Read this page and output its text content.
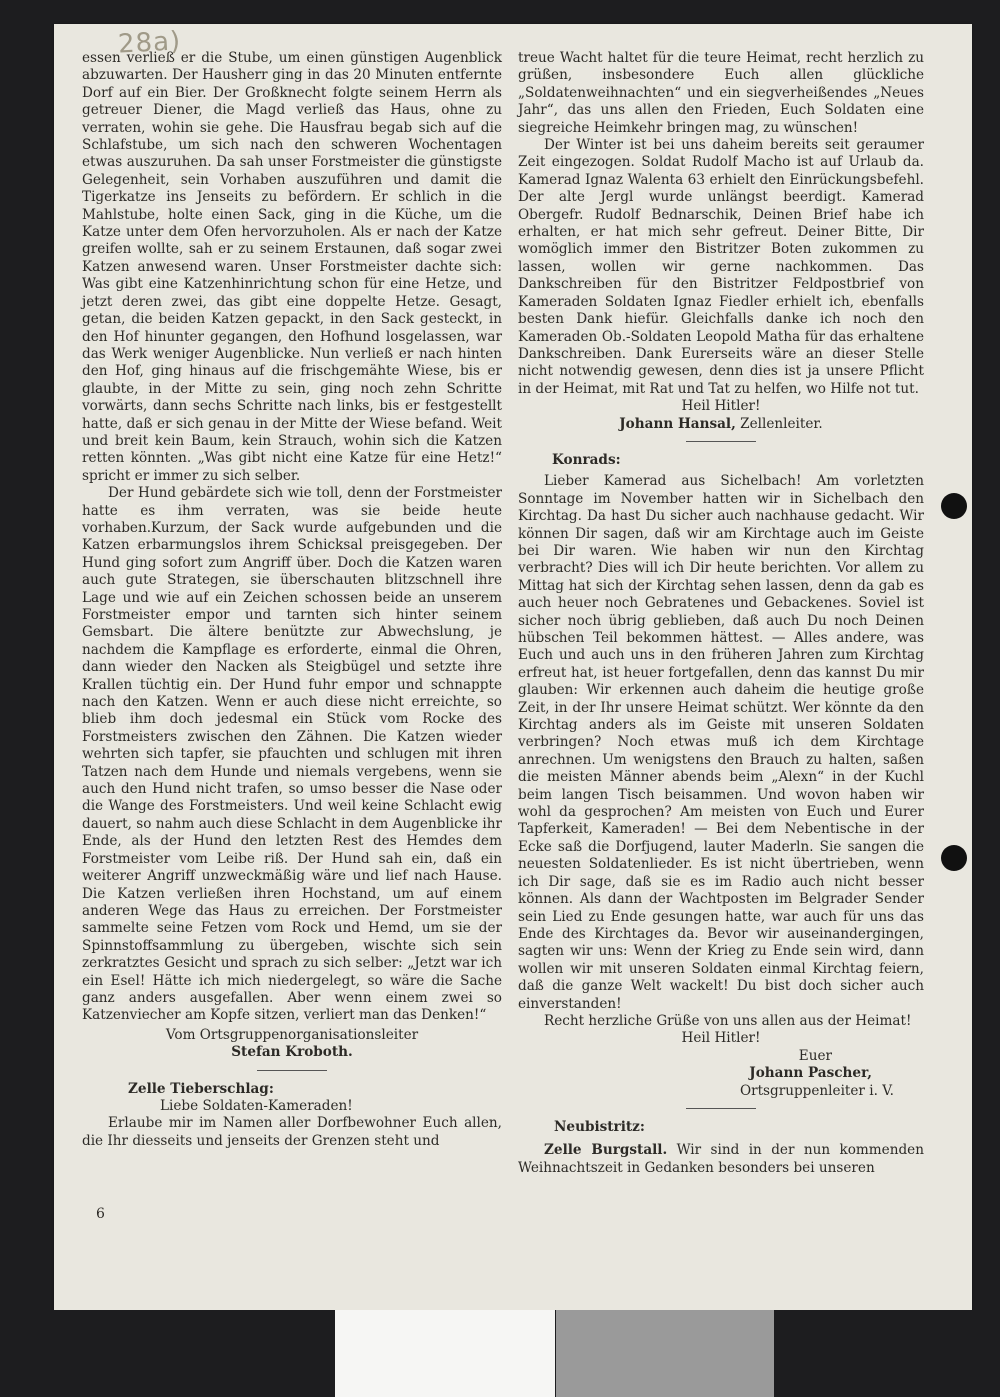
28a)

essen verließ er die Stube, um einen günstigen Augenblick abzuwarten. Der Hausherr ging in das 20 Minuten entfernte Dorf auf ein Bier. Der Großknecht folgte seinem Herrn als getreuer Diener, die Magd verließ das Haus, ohne zu verraten, wohin sie gehe. Die Hausfrau begab sich auf die Schlafstube, um sich nach den schweren Wochentagen etwas auszuruhen. Da sah unser Forstmeister die günstigste Gelegenheit, sein Vorhaben auszuführen und damit die Tigerkatze ins Jenseits zu befördern. Er schlich in die Mahlstube, holte einen Sack, ging in die Küche, um die Katze unter dem Ofen hervorzuholen. Als er nach der Katze greifen wollte, sah er zu seinem Erstaunen, daß sogar zwei Katzen anwesend waren. Unser Forstmeister dachte sich: Was gibt eine Katzenhinrichtung schon für eine Hetze, und jetzt deren zwei, das gibt eine doppelte Hetze. Gesagt, getan, die beiden Katzen gepackt, in den Sack gesteckt, in den Hof hinunter gegangen, den Hofhund losgelassen, war das Werk weniger Augenblicke. Nun verließ er nach hinten den Hof, ging hinaus auf die frischgemähte Wiese, bis er glaubte, in der Mitte zu sein, ging noch zehn Schritte vorwärts, dann sechs Schritte nach links, bis er festgestellt hatte, daß er sich genau in der Mitte der Wiese befand. Weit und breit kein Baum, kein Strauch, wohin sich die Katzen retten könnten. „Was gibt nicht eine Katze für eine Hetz!“ spricht er immer zu sich selber.

Der Hund gebärdete sich wie toll, denn der Forstmeister hatte es ihm verraten, was sie beide heute vorhaben.Kurzum, der Sack wurde aufgebunden und die Katzen erbarmungslos ihrem Schicksal preisgegeben. Der Hund ging sofort zum Angriff über. Doch die Katzen waren auch gute Strategen, sie überschauten blitzschnell ihre Lage und wie auf ein Zeichen schossen beide an unserem Forstmeister empor und tarnten sich hinter seinem Gemsbart. Die ältere benützte zur Abwechslung, je nachdem die Kampflage es erforderte, einmal die Ohren, dann wieder den Nacken als Steigbügel und setzte ihre Krallen tüchtig ein. Der Hund fuhr empor und schnappte nach den Katzen. Wenn er auch diese nicht erreichte, so blieb ihm doch jedesmal ein Stück vom Rocke des Forstmeisters zwischen den Zähnen. Die Katzen wieder wehrten sich tapfer, sie pfauchten und schlugen mit ihren Tatzen nach dem Hunde und niemals vergebens, wenn sie auch den Hund nicht trafen, so umso besser die Nase oder die Wange des Forstmeisters. Und weil keine Schlacht ewig dauert, so nahm auch diese Schlacht in dem Augenblicke ihr Ende, als der Hund den letzten Rest des Hemdes dem Forstmeister vom Leibe riß. Der Hund sah ein, daß ein weiterer Angriff unzweckmäßig wäre und lief nach Hause. Die Katzen verließen ihren Hochstand, um auf einem anderen Wege das Haus zu erreichen. Der Forstmeister sammelte seine Fetzen vom Rock und Hemd, um sie der Spinnstoffsammlung zu übergeben, wischte sich sein zerkratztes Gesicht und sprach zu sich selber: „Jetzt war ich ein Esel! Hätte ich mich niedergelegt, so wäre die Sache ganz anders ausgefallen. Aber wenn einem zwei so Katzenviecher am Kopfe sitzen, verliert man das Denken!“

Vom Ortsgruppenorganisationsleiter

Stefan Kroboth.

Zelle Tieberschlag:

Liebe Soldaten-Kameraden!

Erlaube mir im Namen aller Dorfbewohner Euch allen, die Ihr diesseits und jenseits der Grenzen steht und

treue Wacht haltet für die teure Heimat, recht herzlich zu grüßen, insbesondere Euch allen glückliche „Soldatenweihnachten“ und ein siegverheißendes „Neues Jahr“, das uns allen den Frieden, Euch Soldaten eine siegreiche Heimkehr bringen mag, zu wünschen!

Der Winter ist bei uns daheim bereits seit geraumer Zeit eingezogen. Soldat Rudolf Macho ist auf Urlaub da. Kamerad Ignaz Walenta 63 erhielt den Einrückungsbefehl. Der alte Jergl wurde unlängst beerdigt. Kamerad Obergefr. Rudolf Bednarschik, Deinen Brief habe ich erhalten, er hat mich sehr gefreut. Deiner Bitte, Dir womöglich immer den Bistritzer Boten zukommen zu lassen, wollen wir gerne nachkommen. Das Dankschreiben für den Bistritzer Feldpostbrief von Kameraden Soldaten Ignaz Fiedler erhielt ich, ebenfalls besten Dank hiefür. Gleichfalls danke ich noch den Kameraden Ob.-Soldaten Leopold Matha für das erhaltene Dankschreiben. Dank Eurerseits wäre an dieser Stelle nicht notwendig gewesen, denn dies ist ja unsere Pflicht in der Heimat, mit Rat und Tat zu helfen, wo Hilfe not tut.

Heil Hitler!

Johann Hansal, Zellenleiter.

Konrads:

Lieber Kamerad aus Sichelbach! Am vorletzten Sonntage im November hatten wir in Sichelbach den Kirchtag. Da hast Du sicher auch nachhause gedacht. Wir können Dir sagen, daß wir am Kirchtage auch im Geiste bei Dir waren. Wie haben wir nun den Kirchtag verbracht? Dies will ich Dir heute berichten. Vor allem zu Mittag hat sich der Kirchtag sehen lassen, denn da gab es auch heuer noch Gebratenes und Gebackenes. Soviel ist sicher noch übrig geblieben, daß auch Du noch Deinen hübschen Teil bekommen hättest. — Alles andere, was Euch und auch uns in den früheren Jahren zum Kirchtag erfreut hat, ist heuer fortgefallen, denn das kannst Du mir glauben: Wir erkennen auch daheim die heutige große Zeit, in der Ihr unsere Heimat schützt. Wer könnte da den Kirchtag anders als im Geiste mit unseren Soldaten verbringen? Noch etwas muß ich dem Kirchtage anrechnen. Um wenigstens den Brauch zu halten, saßen die meisten Männer abends beim „Alexn“ in der Kuchl beim langen Tisch beisammen. Und wovon haben wir wohl da gesprochen? Am meisten von Euch und Eurer Tapferkeit, Kameraden! — Bei dem Nebentische in der Ecke saß die Dorfjugend, lauter Maderln. Sie sangen die neuesten Soldatenlieder. Es ist nicht übertrieben, wenn ich Dir sage, daß sie es im Radio auch nicht besser können. Als dann der Wachtposten im Belgrader Sender sein Lied zu Ende gesungen hatte, war auch für uns das Ende des Kirchtages da. Bevor wir auseinandergingen, sagten wir uns: Wenn der Krieg zu Ende sein wird, dann wollen wir mit unseren Soldaten einmal Kirchtag feiern, daß die ganze Welt wackelt! Du bist doch sicher auch einverstanden!

Recht herzliche Grüße von uns allen aus der Heimat!

Heil Hitler!

Euer

Johann Pascher,

Ortsgruppenleiter i. V.

Neubistritz:

Zelle Burgstall. Wir sind in der nun kommenden Weihnachtszeit in Gedanken besonders bei unseren

6
